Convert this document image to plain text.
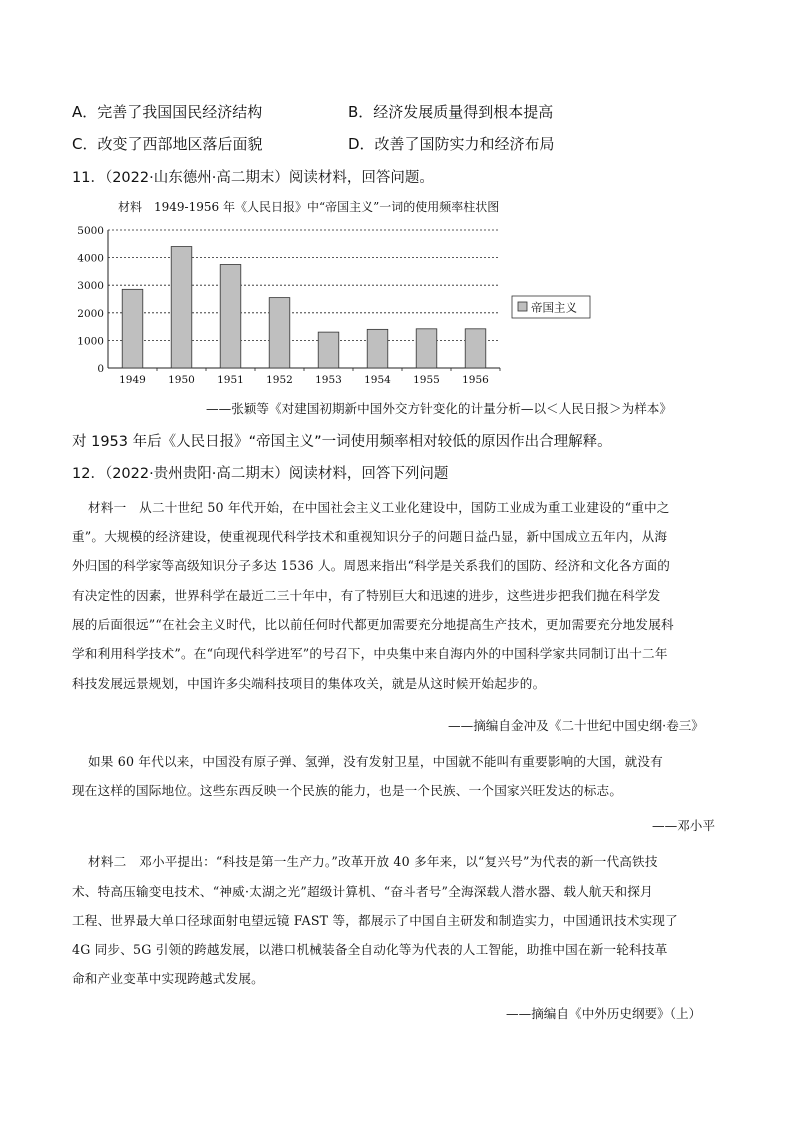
A．完善了我国国民经济结构	B．经济发展质量得到根本提高
C．改变了西部地区落后面貌	D．改善了国防实力和经济布局
11．（2022·山东德州·高二期末）阅读材料，回答问题。
材料　1949-1956 年《人民日报》中“帝国主义”一词的使用频率柱状图
0
1000
2000
3000
4000
5000
1949 1950 1951 1952 1953 1954 1955 1956
帝国主义
——张颖等《对建国初期新中国外交方针变化的计量分析—以＜人民日报＞为样本》
对 1953 年后《人民日报》“帝国主义”一词使用频率相对较低的原因作出合理解释。
12．（2022·贵州贵阳·高二期末）阅读材料，回答下列问题
材料一　从二十世纪 50 年代开始，在中国社会主义工业化建设中，国防工业成为重工业建设的“重中之
重”。大规模的经济建设，使重视现代科学技术和重视知识分子的问题日益凸显，新中国成立五年内，从海
外归国的科学家等高级知识分子多达 1536 人。周恩来指出“科学是关系我们的国防、经济和文化各方面的
有决定性的因素，世界科学在最近二三十年中，有了特别巨大和迅速的进步，这些进步把我们抛在科学发
展的后面很远”“在社会主义时代，比以前任何时代都更加需要充分地提高生产技术，更加需要充分地发展科
学和利用科学技术”。在“向现代科学进军”的号召下，中央集中来自海内外的中国科学家共同制订出十二年
科技发展远景规划，中国许多尖端科技项目的集体攻关，就是从这时候开始起步的。
——摘编自金冲及《二十世纪中国史纲·卷三》
如果 60 年代以来，中国没有原子弹、氢弹，没有发射卫星，中国就不能叫有重要影响的大国，就没有
现在这样的国际地位。这些东西反映一个民族的能力，也是一个民族、一个国家兴旺发达的标志。
——邓小平
材料二　邓小平提出：“科技是第一生产力。”改革开放 40 多年来，以“复兴号”为代表的新一代高铁技
术、特高压输变电技术、“神威·太湖之光”超级计算机、“奋斗者号”全海深载人潜水器、载人航天和探月
工程、世界最大单口径球面射电望远镜 FAST 等，都展示了中国自主研发和制造实力，中国通讯技术实现了
4G 同步、5G 引领的跨越发展，以港口机械装备全自动化等为代表的人工智能，助推中国在新一轮科技革
命和产业变革中实现跨越式发展。
——摘编自《中外历史纲要》（上）
